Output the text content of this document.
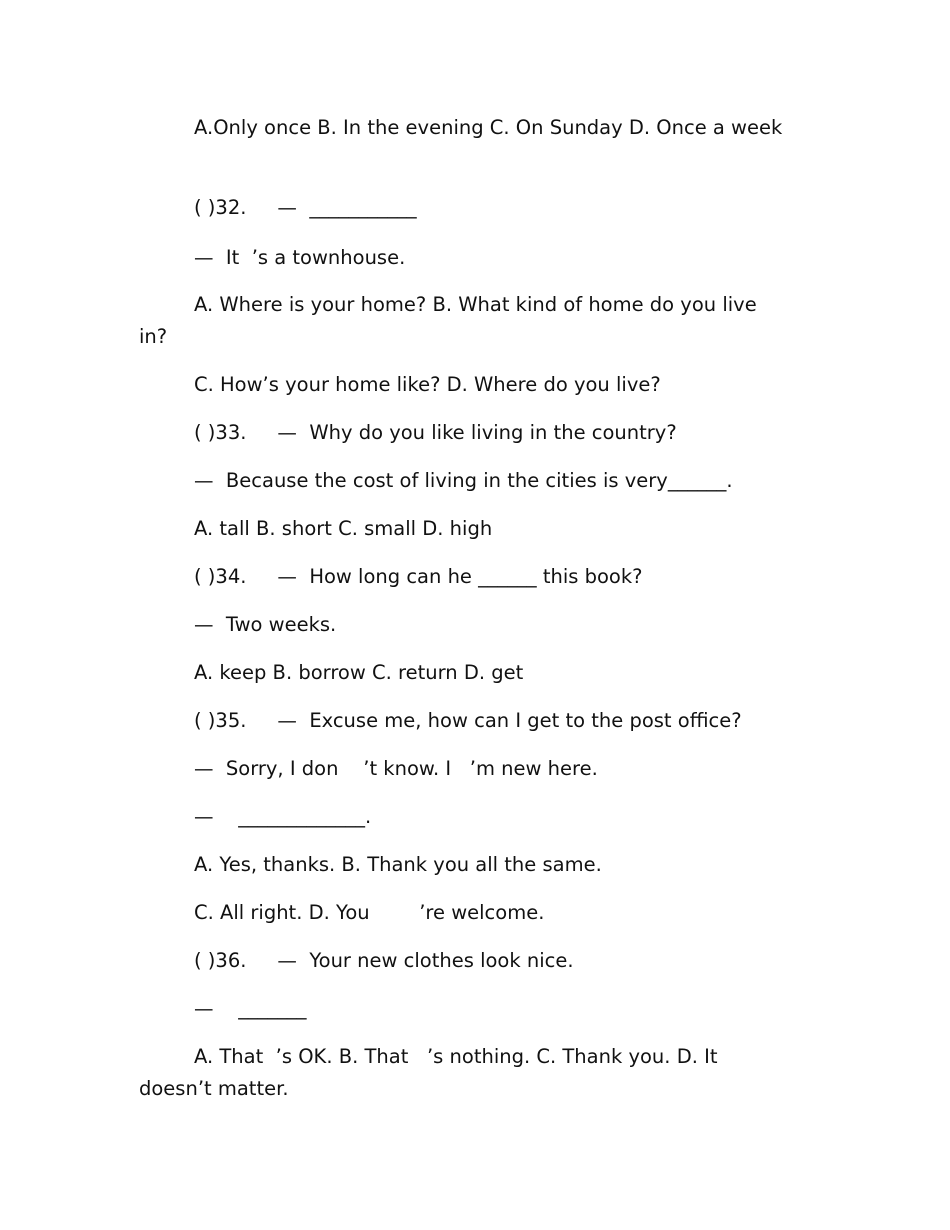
A.Only once B. In the evening C. On Sunday D. Once a week

( )32.     —  ___________

—  It  ’s a townhouse.

A. Where is your home? B. What kind of home do you live in?

C. How’s your home like? D. Where do you live?

( )33.     —  Why do you like living in the country?

—  Because the cost of living in the cities is very______.

A. tall B. short C. small D. high

( )34.     —  How long can he ______ this book?

—  Two weeks.

A. keep B. borrow C. return D. get

( )35.     —  Excuse me, how can I get to the post office?

—  Sorry, I don    ’t know. I   ’m new here.

—    _____________.

A. Yes, thanks. B. Thank you all the same.

C. All right. D. You        ’re welcome.

( )36.     —  Your new clothes look nice.

—    _______

A. That  ’s OK. B. That   ’s nothing. C. Thank you. D. It doesn’t matter.
